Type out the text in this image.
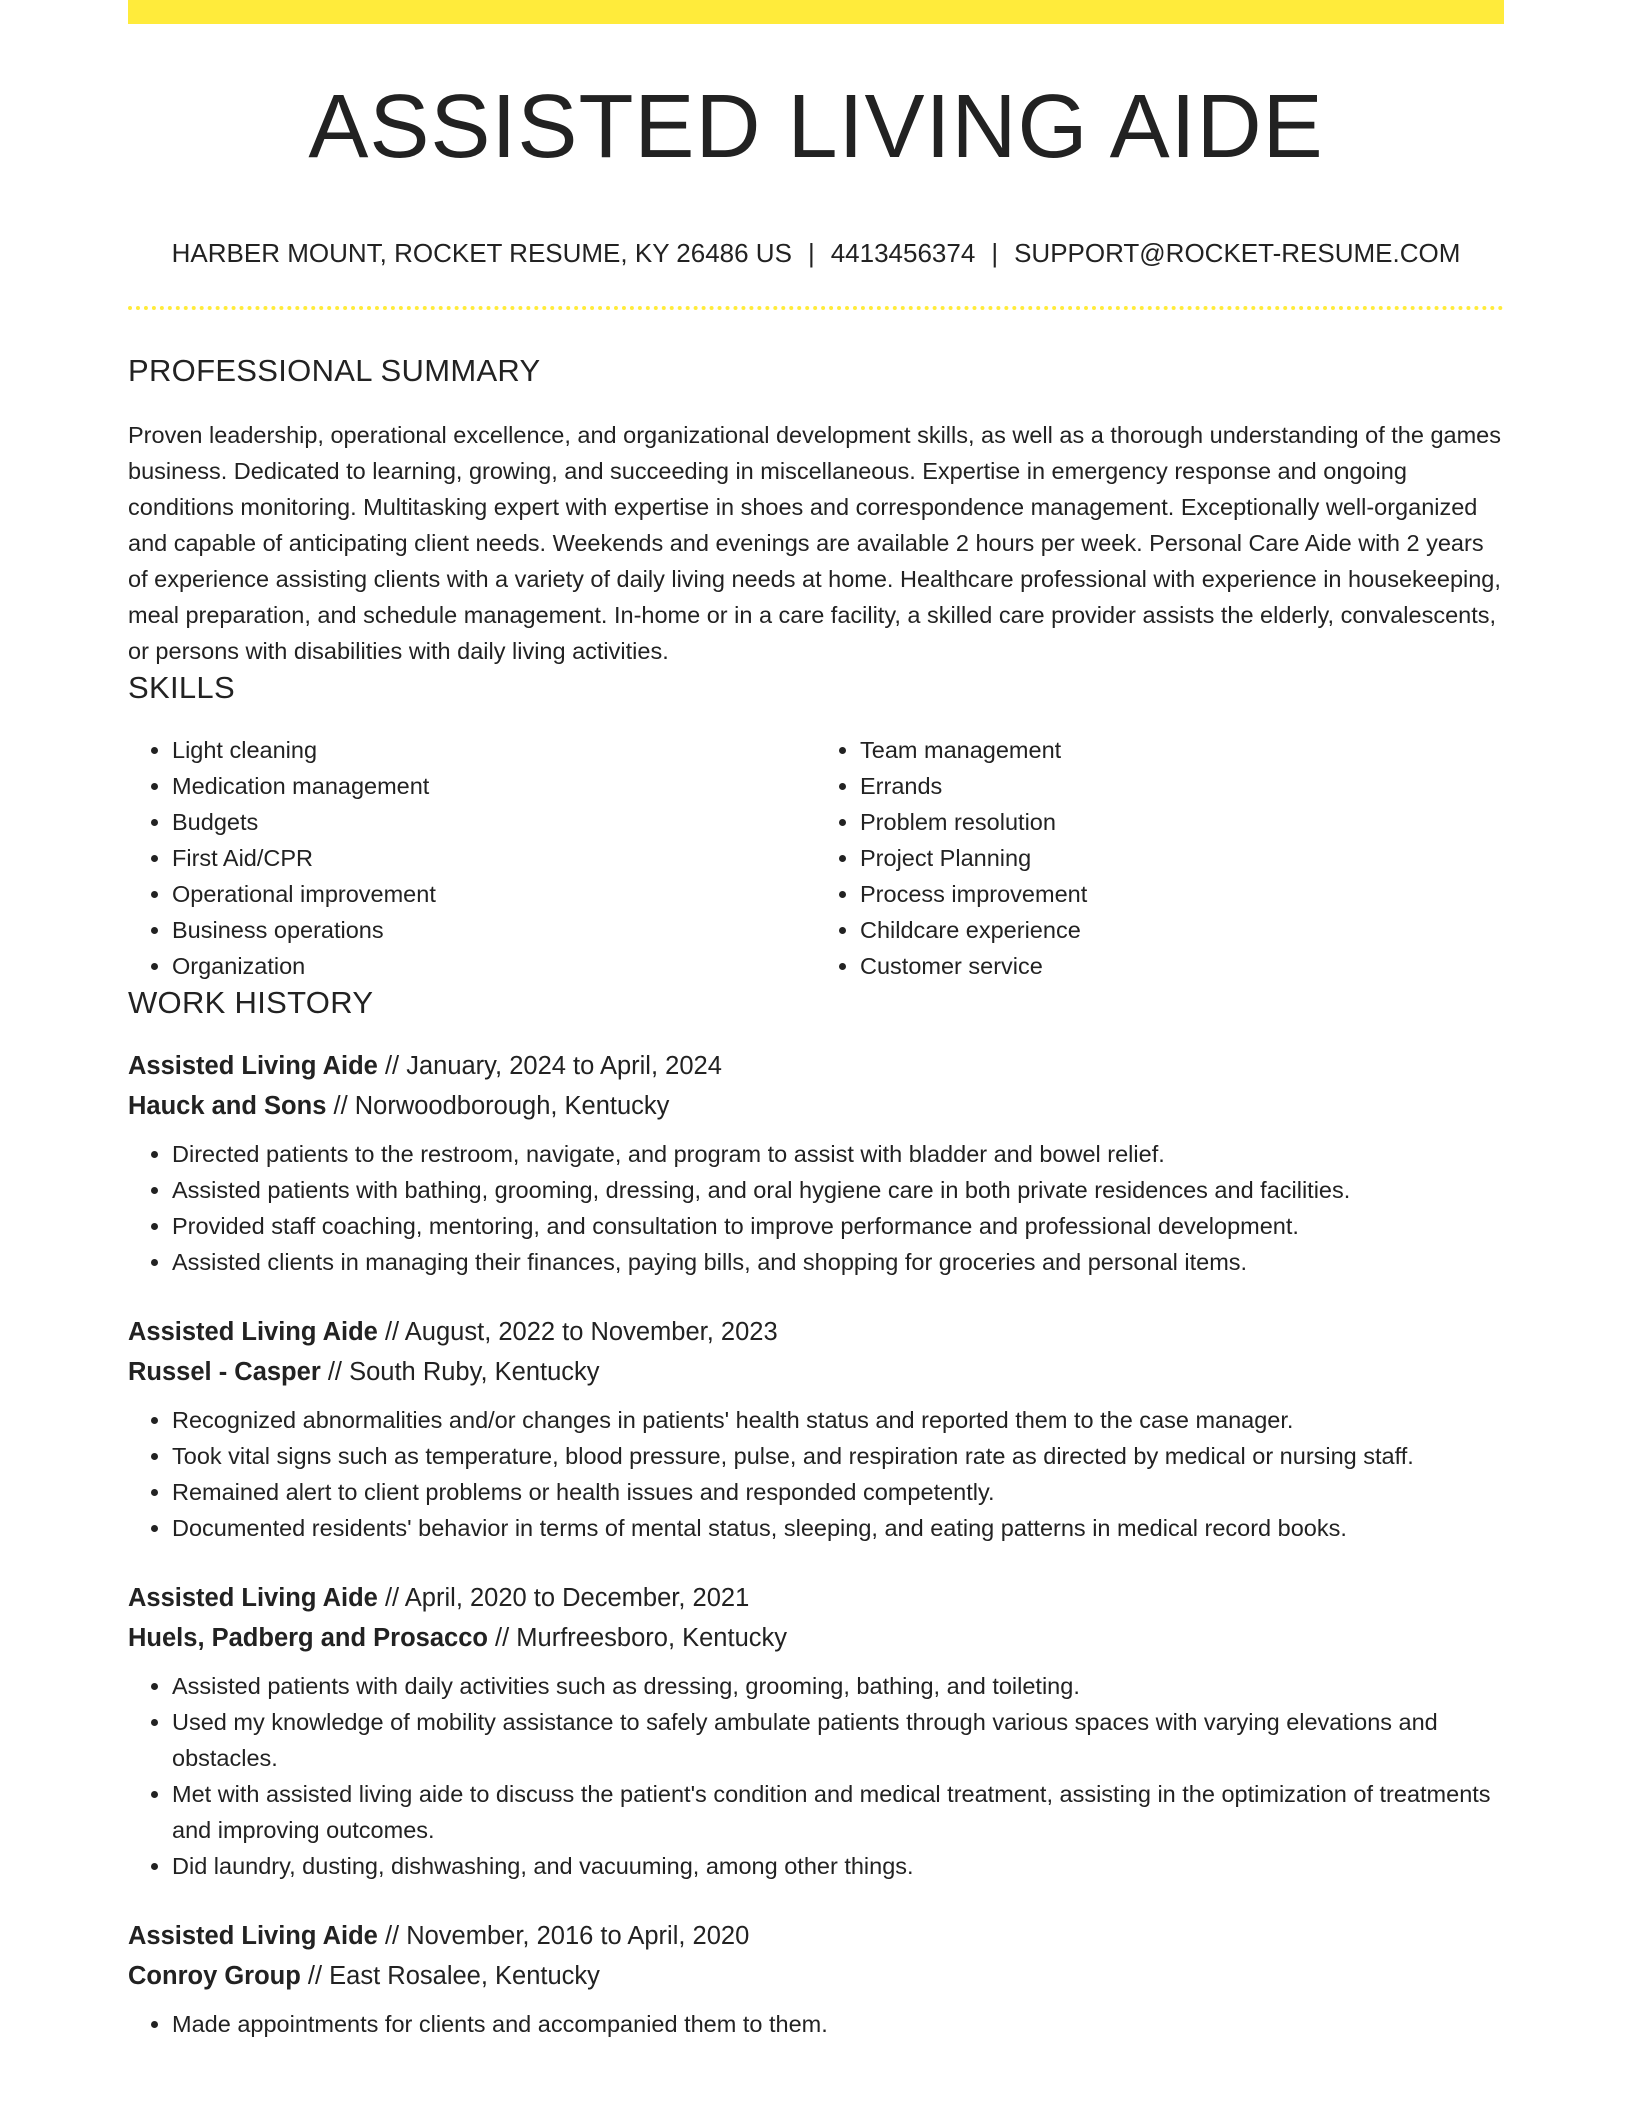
ASSISTED LIVING AIDE
HARBER MOUNT, ROCKET RESUME, KY 26486 US | 4413456374 | SUPPORT@ROCKET-RESUME.COM
PROFESSIONAL SUMMARY

Proven leadership, operational excellence, and organizational development skills, as well as a thorough understanding of the games business. Dedicated to learning, growing, and succeeding in miscellaneous. Expertise in emergency response and ongoing conditions monitoring. Multitasking expert with expertise in shoes and correspondence management. Exceptionally well-organized and capable of anticipating client needs. Weekends and evenings are available 2 hours per week. Personal Care Aide with 2 years of experience assisting clients with a variety of daily living needs at home. Healthcare professional with experience in housekeeping, meal preparation, and schedule management. In-home or in a care facility, a skilled care provider assists the elderly, convalescents, or persons with disabilities with daily living activities.

SKILLS
• Light cleaning
• Medication management
• Budgets
• First Aid/CPR
• Operational improvement
• Business operations
• Organization
• Team management
• Errands
• Problem resolution
• Project Planning
• Process improvement
• Childcare experience
• Customer service
WORK HISTORY
Assisted Living Aide // January, 2024 to April, 2024
Hauck and Sons // Norwoodborough, Kentucky
• Directed patients to the restroom, navigate, and program to assist with bladder and bowel relief.
• Assisted patients with bathing, grooming, dressing, and oral hygiene care in both private residences and facilities.
• Provided staff coaching, mentoring, and consultation to improve performance and professional development.
• Assisted clients in managing their finances, paying bills, and shopping for groceries and personal items.
Assisted Living Aide // August, 2022 to November, 2023
Russel - Casper // South Ruby, Kentucky
• Recognized abnormalities and/or changes in patients' health status and reported them to the case manager.
• Took vital signs such as temperature, blood pressure, pulse, and respiration rate as directed by medical or nursing staff.
• Remained alert to client problems or health issues and responded competently.
• Documented residents' behavior in terms of mental status, sleeping, and eating patterns in medical record books.
Assisted Living Aide // April, 2020 to December, 2021
Huels, Padberg and Prosacco // Murfreesboro, Kentucky
• Assisted patients with daily activities such as dressing, grooming, bathing, and toileting.
• Used my knowledge of mobility assistance to safely ambulate patients through various spaces with varying elevations and obstacles.
• Met with assisted living aide to discuss the patient's condition and medical treatment, assisting in the optimization of treatments and improving outcomes.
• Did laundry, dusting, dishwashing, and vacuuming, among other things.
Assisted Living Aide // November, 2016 to April, 2020
Conroy Group // East Rosalee, Kentucky
• Made appointments for clients and accompanied them to them.
